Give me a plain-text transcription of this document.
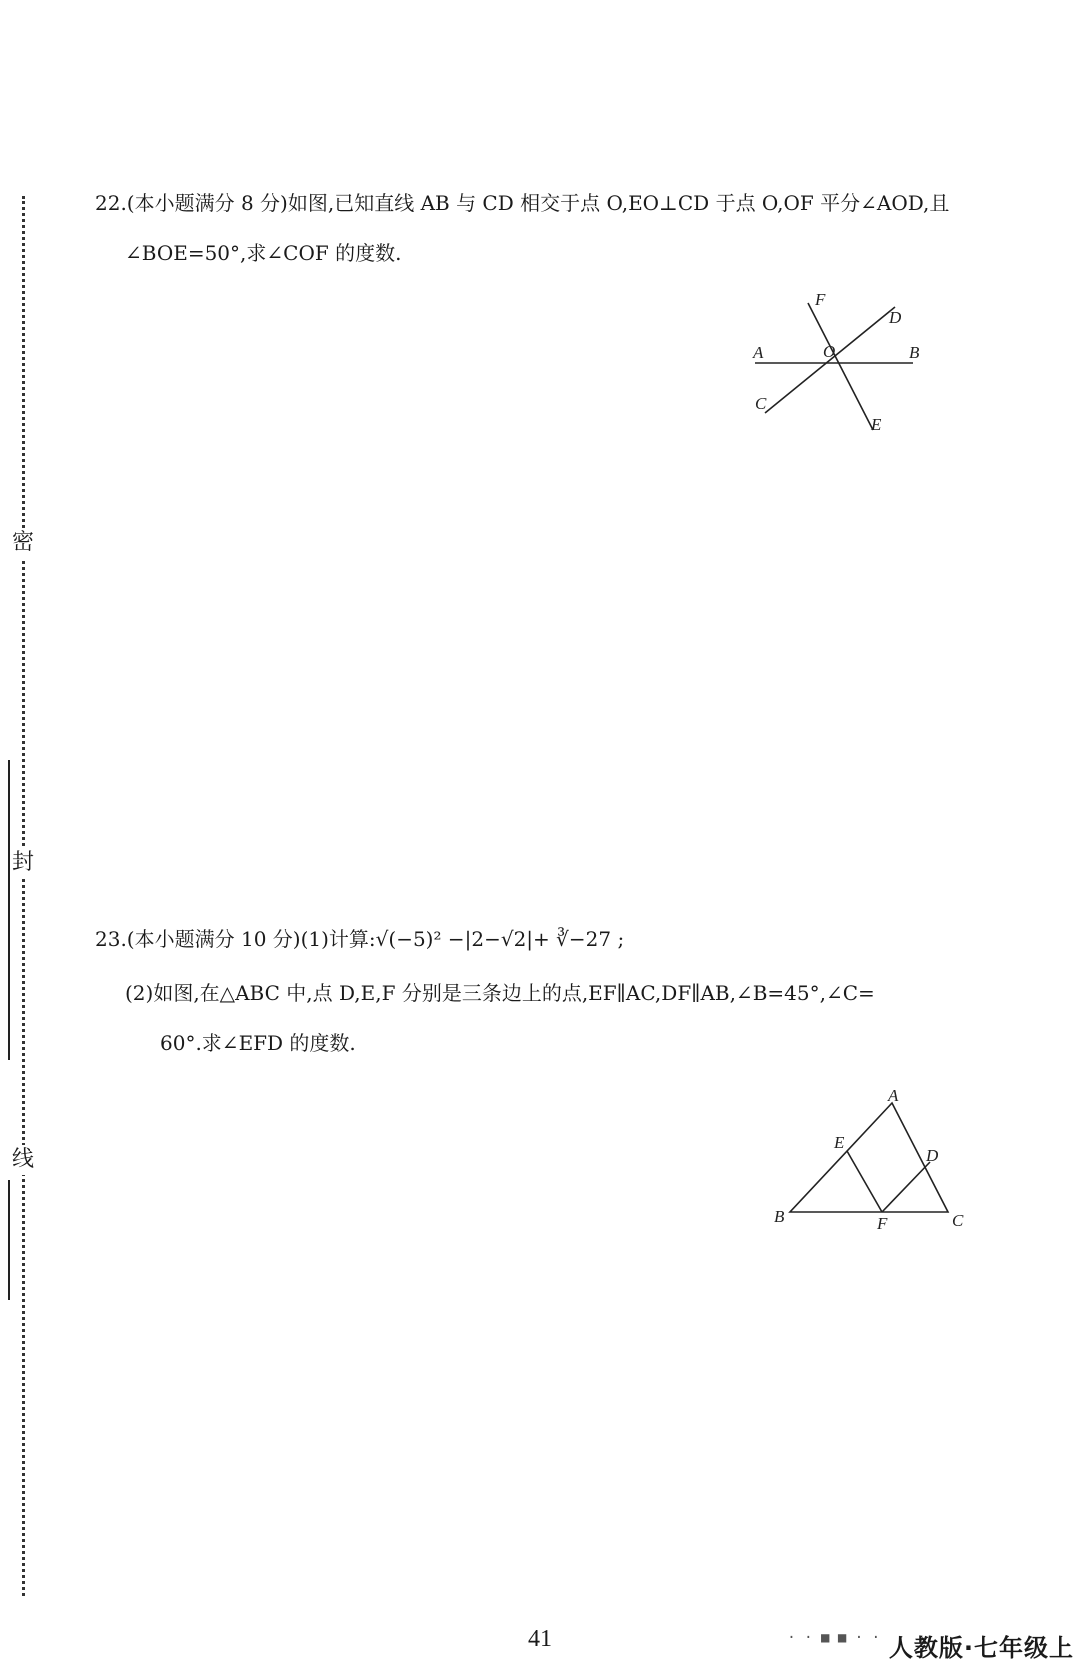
密
封
线
22.(本小题满分 8 分)如图,已知直线 AB 与 CD 相交于点 O,EO⊥CD 于点 O,OF 平分∠AOD,且
∠BOE=50°,求∠COF 的度数.
A	B
C
D
E
F
O
23.(本小题满分 10 分)(1)计算:√(−5)² −|2−√2|+ ∛−27 ;
(2)如图,在△ABC 中,点 D,E,F 分别是三条边上的点,EF∥AC,DF∥AB,∠B=45°,∠C=
60°.求∠EFD 的度数.
A
B	C
D
E
F
41	· · ■ ■ · · 人教版·七年级上
